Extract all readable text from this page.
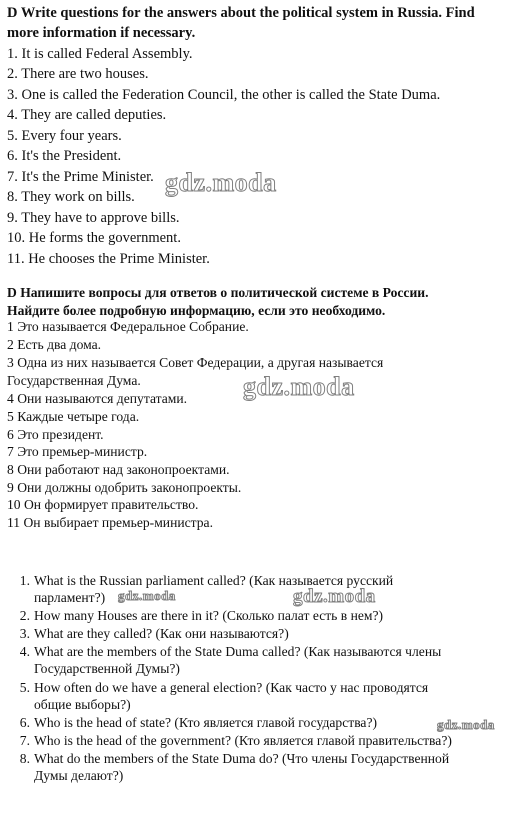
D Write questions for the answers about the political system in Russia. Find
more information if necessary.
1. It is called Federal Assembly.
2. There are two houses.
3. One is called the Federation Council, the other is called the State Duma.
4. They are called deputies.
5. Every four years.
6. It's the President.
7. It's the Prime Minister.
8. They work on bills.
9. They have to approve bills.
10. He forms the government.
11. He chooses the Prime Minister.
D Напишите вопросы для ответов о политической системе в России.
Найдите более подробную информацию, если это необходимо.
1 Это называется Федеральное Собрание.
2 Есть два дома.
3 Одна из них называется Совет Федерации, а другая называется
Государственная Дума.
4 Они называются депутатами.
5 Каждые четыре года.
6 Это президент.
7 Это премьер-министр.
8 Они работают над законопроектами.
9 Они должны одобрить законопроекты.
10 Он формирует правительство.
11 Он выбирает премьер-министра.
1. What is the Russian parliament called? (Как называется русский
парламент?)
2. How many Houses are there in it? (Сколько палат есть в нем?)
3. What are they called? (Как они называются?)
4. What are the members of the State Duma called? (Как называются члены
Государственной Думы?)
5. How often do we have a general election? (Как часто у нас проводятся
общие выборы?)
6. Who is the head of state? (Кто является главой государства?)
7. Who is the head of the government? (Кто является главой правительства?)
8. What do the members of the State Duma do? (Что члены Государственной
Думы делают?)
gdz.moda
gdz.moda
gdz.moda
gdz.moda
gdz.moda
